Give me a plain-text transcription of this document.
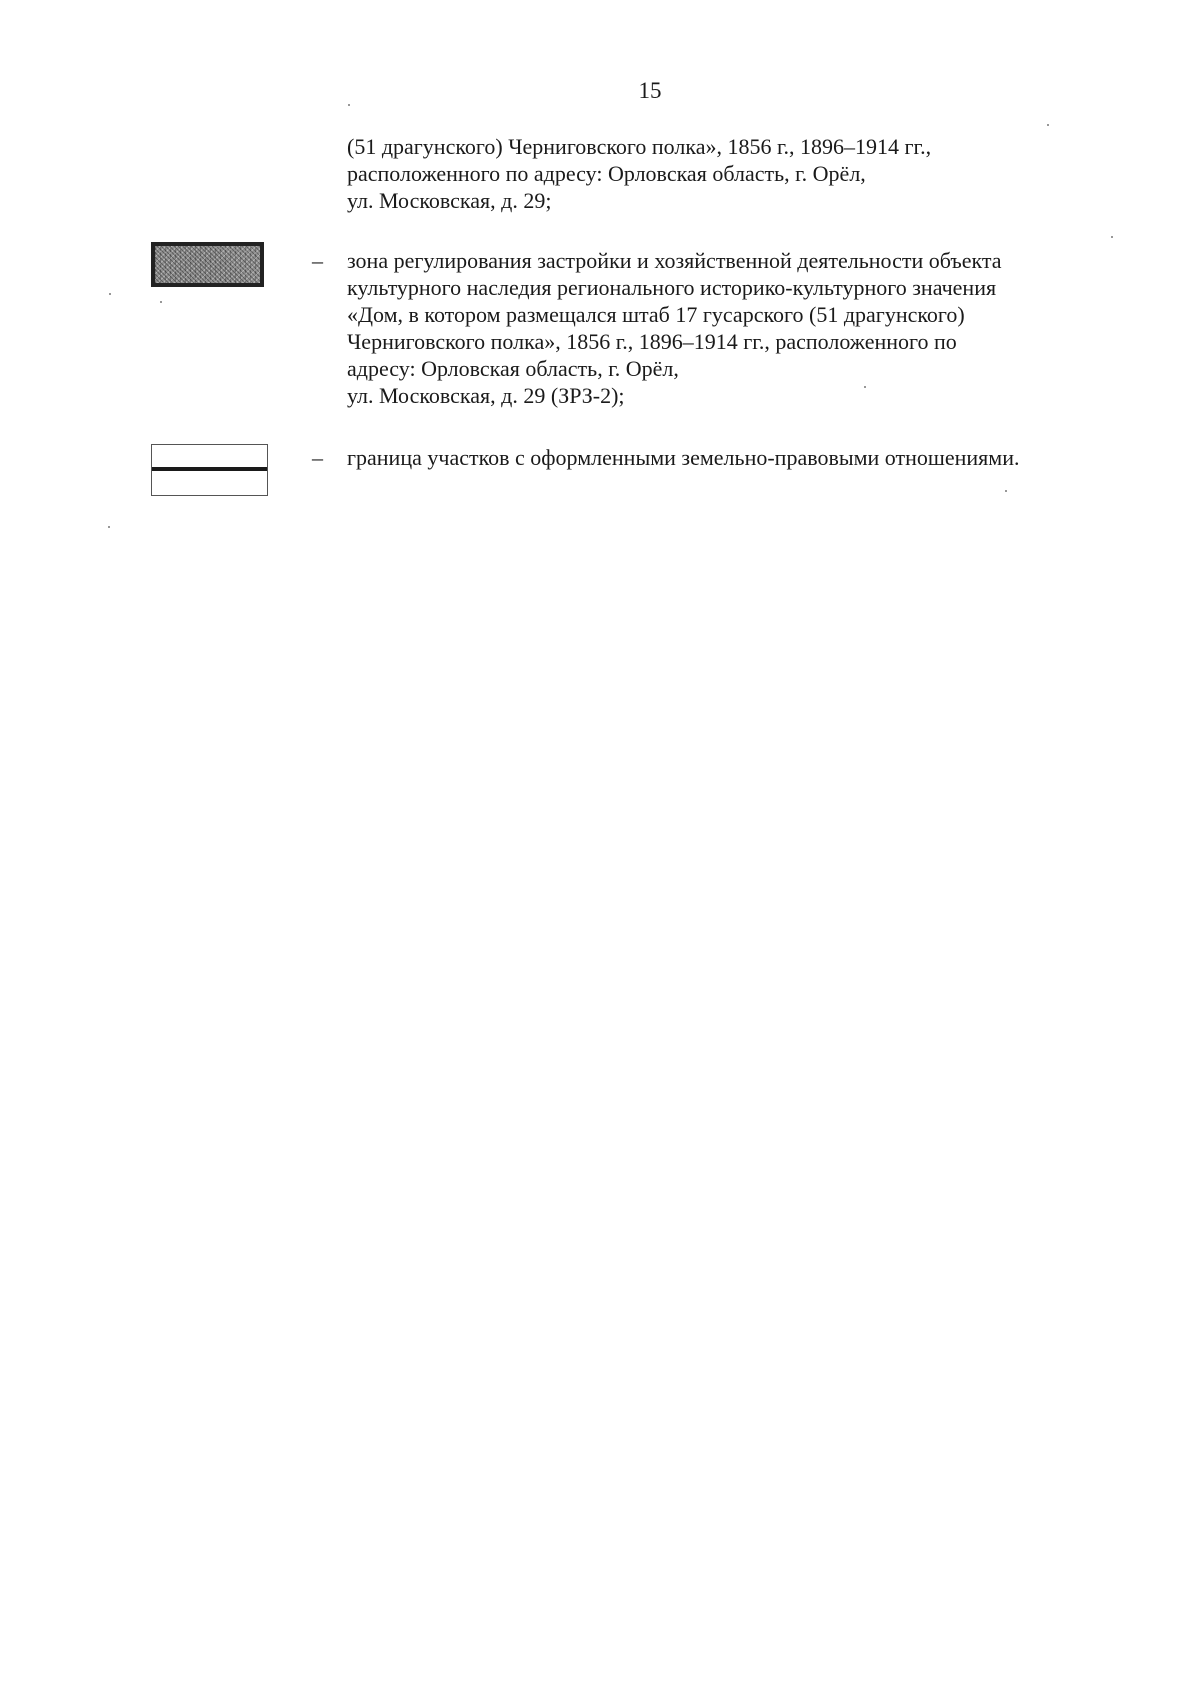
15
(51 драгунского) Черниговского полка», 1856 г., 1896–1914 гг.,
расположенного по адресу: Орловская область, г. Орёл,
ул. Московская, д. 29;
– зона регулирования застройки и хозяйственной деятельности объекта
культурного наследия регионального историко-культурного значения
«Дом, в котором размещался штаб 17 гусарского (51 драгунского)
Черниговского полка», 1856 г., 1896–1914 гг., расположенного по
адресу: Орловская область, г. Орёл,
ул. Московская, д. 29 (ЗРЗ-2);
– граница участков с оформленными земельно-правовыми отношениями.
